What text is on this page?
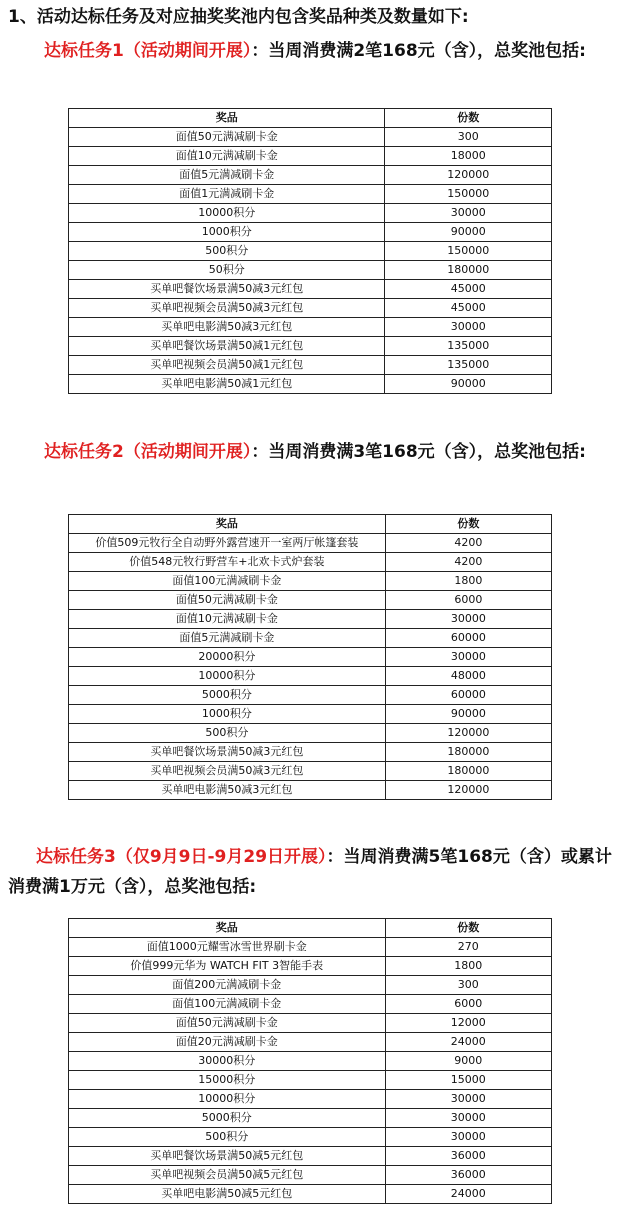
1、活动达标任务及对应抽奖奖池内包含奖品种类及数量如下:

达标任务1（活动期间开展）：当周消费满2笔168元（含），总奖池包括:

奖品	份数
面值50元满减刷卡金	300
面值10元满减刷卡金	18000
面值5元满减刷卡金	120000
面值1元满减刷卡金	150000
10000积分	30000
1000积分	90000
500积分	150000
50积分	180000
买单吧餐饮场景满50减3元红包	45000
买单吧视频会员满50减3元红包	45000
买单吧电影满50减3元红包	30000
买单吧餐饮场景满50减1元红包	135000
买单吧视频会员满50减1元红包	135000
买单吧电影满50减1元红包	90000

达标任务2（活动期间开展）：当周消费满3笔168元（含），总奖池包括:

奖品	份数
价值509元牧行全自动野外露营速开一室两厅帐篷套装	4200
价值548元牧行野营车+北欢卡式炉套装	4200
面值100元满减刷卡金	1800
面值50元满减刷卡金	6000
面值10元满减刷卡金	30000
面值5元满减刷卡金	60000
20000积分	30000
10000积分	48000
5000积分	60000
1000积分	90000
500积分	120000
买单吧餐饮场景满50减3元红包	180000
买单吧视频会员满50减3元红包	180000
买单吧电影满50减3元红包	120000

达标任务3（仅9月9日-9月29日开展）：当周消费满5笔168元（含）或累计消费满1万元（含），总奖池包括:

奖品	份数
面值1000元耀雪冰雪世界刷卡金	270
价值999元华为 WATCH FIT 3智能手表	1800
面值200元满减刷卡金	300
面值100元满减刷卡金	6000
面值50元满减刷卡金	12000
面值20元满减刷卡金	24000
30000积分	9000
15000积分	15000
10000积分	30000
5000积分	30000
500积分	30000
买单吧餐饮场景满50减5元红包	36000
买单吧视频会员满50减5元红包	36000
买单吧电影满50减5元红包	24000
